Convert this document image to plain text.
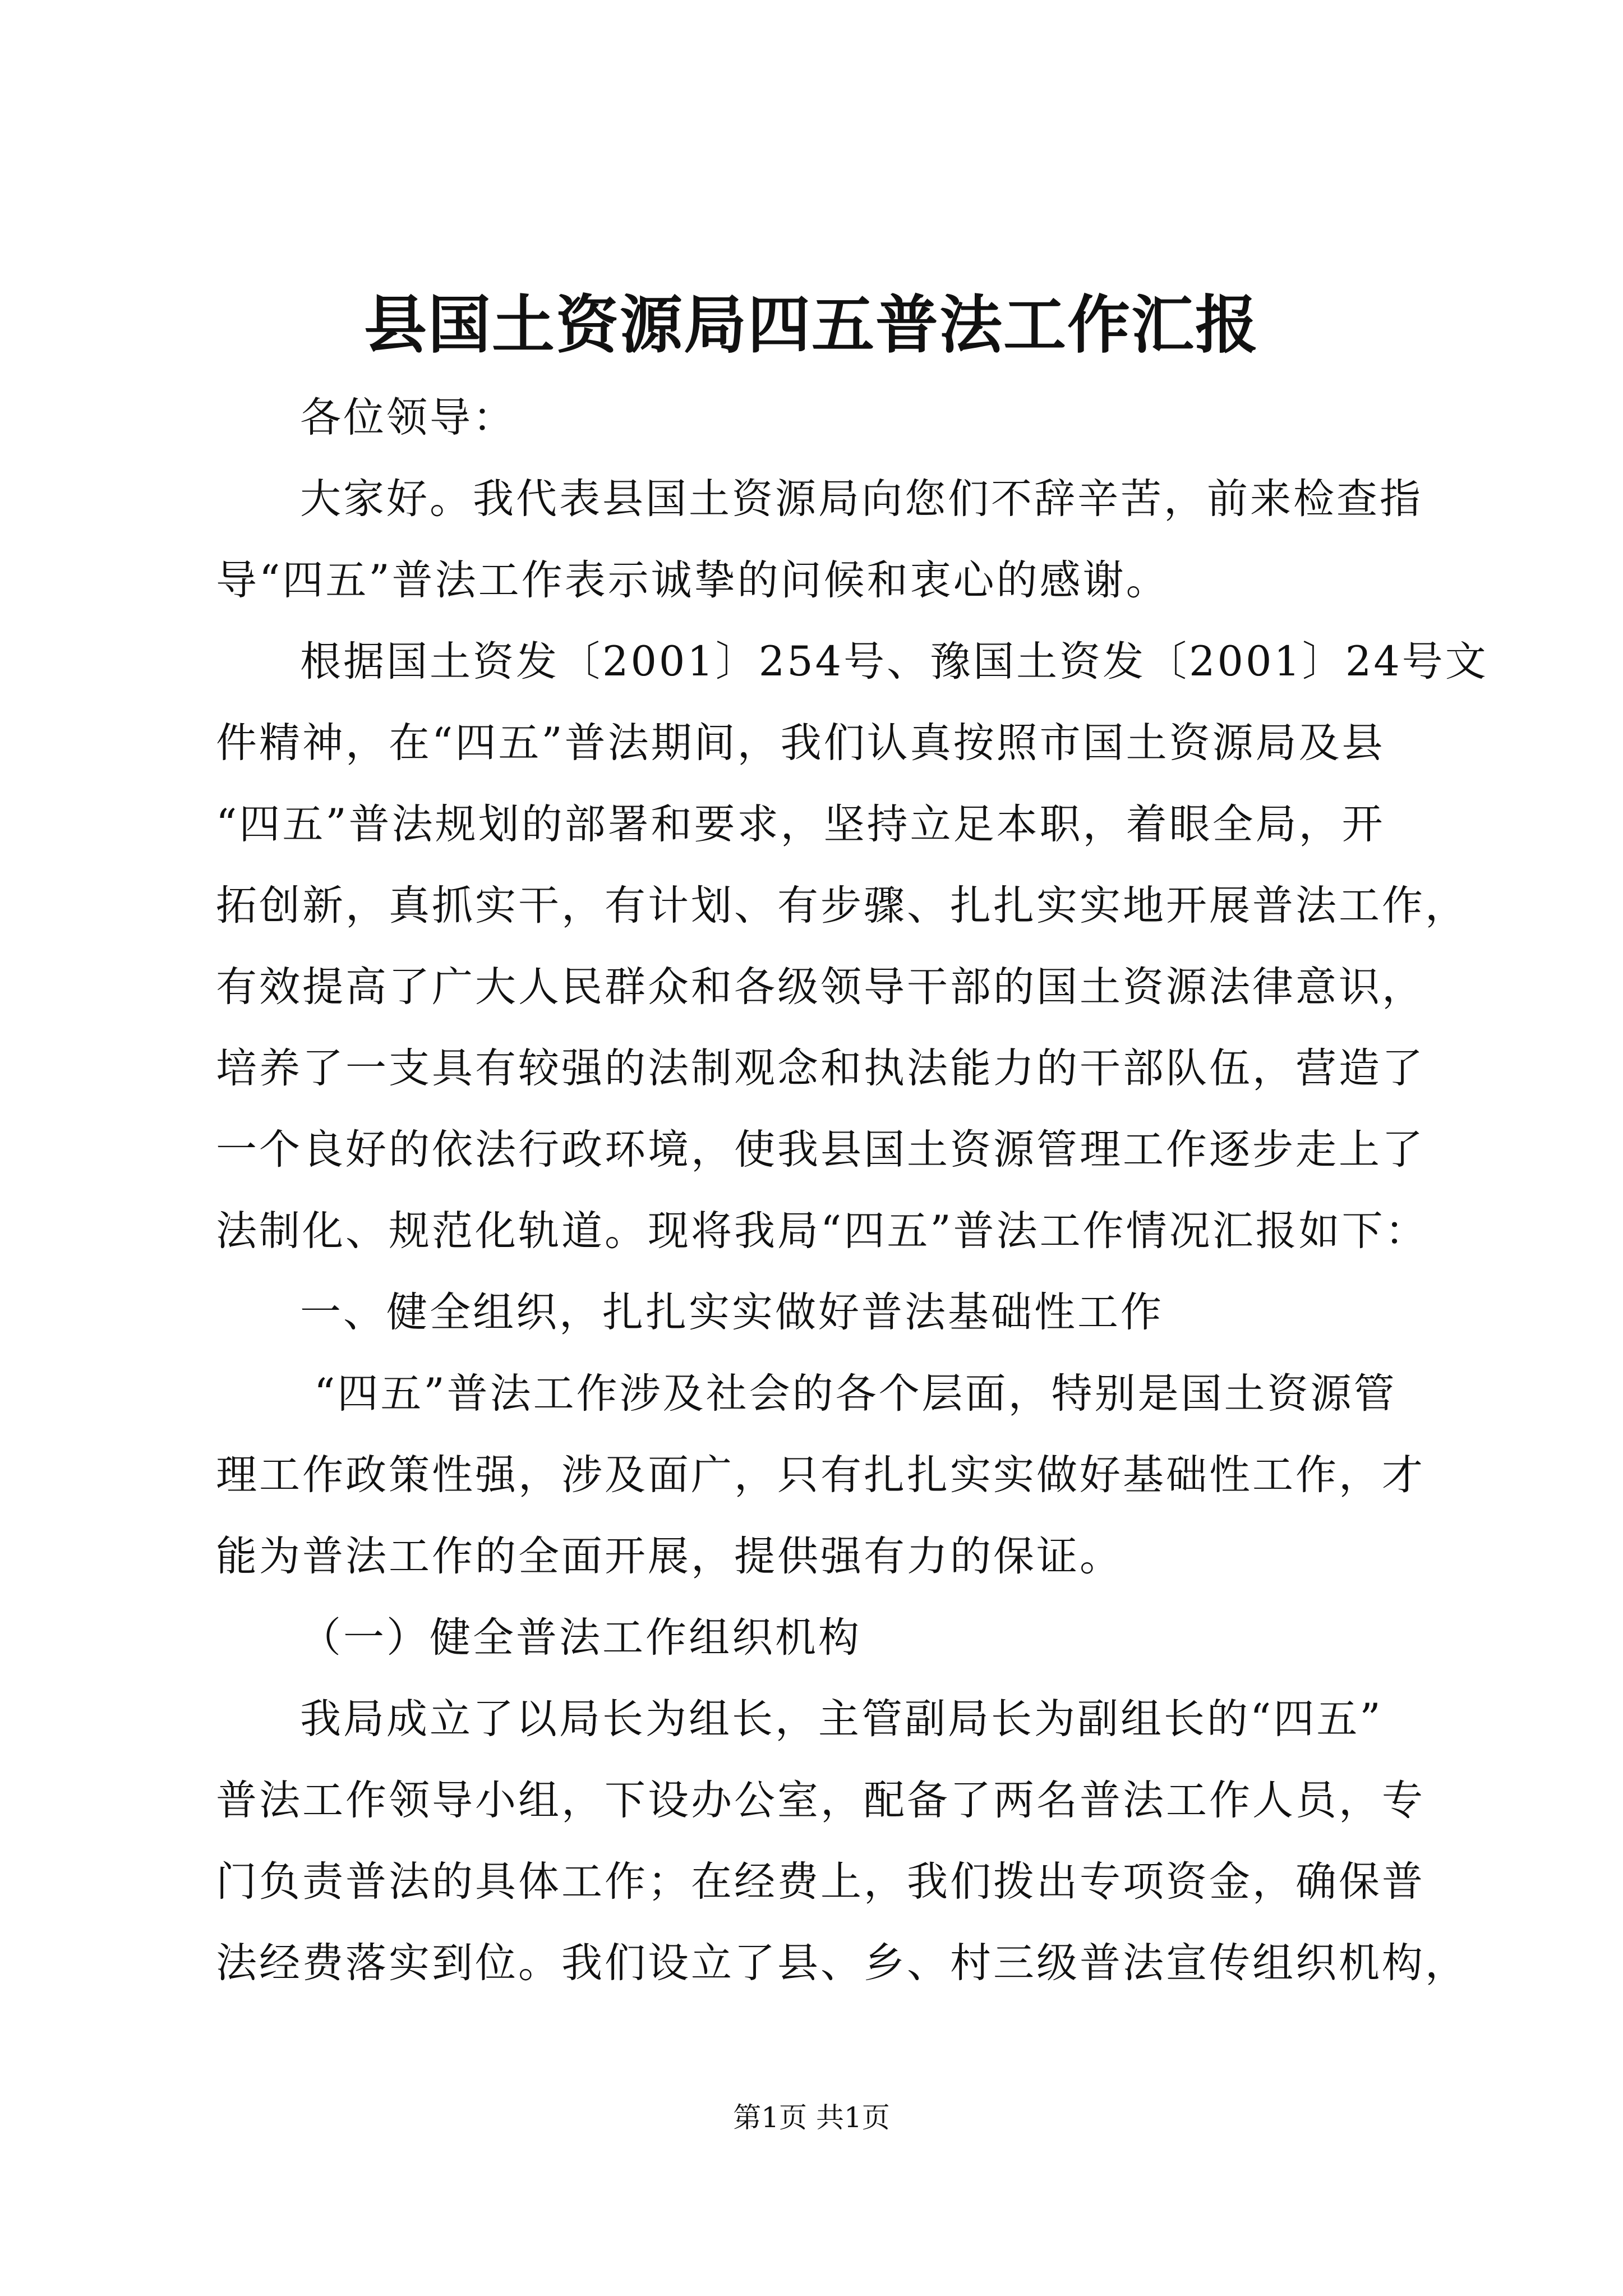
县国土资源局四五普法工作汇报
各位领导：
大家好。我代表县国土资源局向您们不辞辛苦，前来检查指
导“四五”普法工作表示诚挚的问候和衷心的感谢。
根据国土资发〔2001〕254号、豫国土资发〔2001〕24号文
件精神，在“四五”普法期间，我们认真按照市国土资源局及县
“四五”普法规划的部署和要求，坚持立足本职，着眼全局，开
拓创新，真抓实干，有计划、有步骤、扎扎实实地开展普法工作，
有效提高了广大人民群众和各级领导干部的国土资源法律意识，
培养了一支具有较强的法制观念和执法能力的干部队伍，营造了
一个良好的依法行政环境，使我县国土资源管理工作逐步走上了
法制化、规范化轨道。现将我局“四五”普法工作情况汇报如下：
一、健全组织，扎扎实实做好普法基础性工作
“四五”普法工作涉及社会的各个层面，特别是国土资源管
理工作政策性强，涉及面广，只有扎扎实实做好基础性工作，才
能为普法工作的全面开展，提供强有力的保证。
（一）健全普法工作组织机构
我局成立了以局长为组长，主管副局长为副组长的“四五”
普法工作领导小组，下设办公室，配备了两名普法工作人员，专
门负责普法的具体工作；在经费上，我们拨出专项资金，确保普
法经费落实到位。我们设立了县、乡、村三级普法宣传组织机构，
第1页 共1页
